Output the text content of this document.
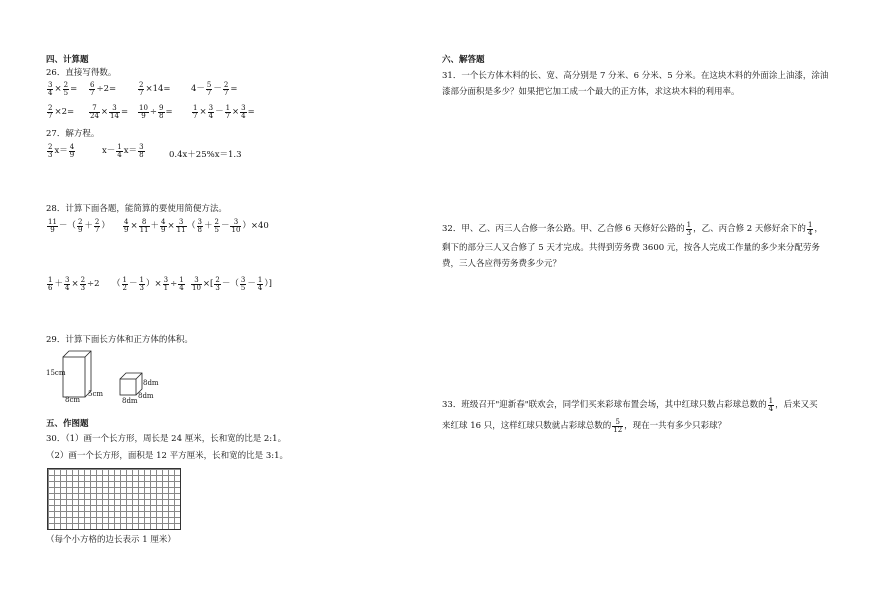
四、计算题
26．直接写得数。
$\frac{3}{4} \times \frac{2}{5} = \frac{6}{7} \div 2=$	$\frac{2}{7} \times 14= 4- \frac{5}{7} - \frac{2}{7}$ =
$\frac{2}{7} \times 2= \frac{7}{24} \times \frac{3}{14} = \frac{10}{9} \div \frac{9}{8}$ =	$\frac{1}{7} \times \frac{3}{4} - \frac{1}{7} \times \frac{3}{4}$ =
27．解方程。
$\frac{2}{3} x= \frac{4}{9}$	$x- \frac{1}{4} x= \frac{3}{8}$	0.4x＋25%x＝1.3
28．计算下面各题，能简算的要使用简便方法。
$\frac{11}{9}$ －（ $\frac{2}{9} + \frac{2}{7}$ ） $\frac{4}{9} \times \frac{8}{11} + \frac{4}{9} \times \frac{3}{11}$ （ $\frac{3}{8} + \frac{2}{5} - \frac{3}{10} )\times 40$
$\frac{1}{6} + \frac{3}{4} \times \frac{2}{3} \div 2$ （ $\frac{1}{2} - \frac{1}{3}$ ）× $\frac{3}{1} \div \frac{1}{4} \frac{3}{10}$ ×[ $\frac{2}{3}$ －（ $\frac{3}{5} - \frac{1}{4}$ ）]
29．计算下面长方体和正方体的体积。
15cm
8cm
5cm
8dm
8dm
8dm
五、作图题
30．（1）画一个长方形，周长是 24 厘米，长和宽的比是 2:1。
（2）画一个长方形，面积是 12 平方厘米，长和宽的比是 3:1。
（每个小方格的边长表示 1 厘米）
六、解答题

31．一个长方体木料的长、宽、高分别是 7 分米、6 分米、5 分米。在这块木料的外面涂上油漆，涂油漆部分面积是多少？如果把它加工成一个最大的正方体，求这块木料的利用率。

32．甲、乙、丙三人合修一条公路。甲、乙合修 6 天修好公路的 $\frac{1}{3}$ ，乙、丙合修 2 天修好余下的 $\frac{1}{4}$ ，

剩下的部分三人又合修了 5 天才完成。共得到劳务费 3600 元，按各人完成工作量的多少来分配劳务费，三人各应得劳务费多少元？

33．班级召开"迎新春"联欢会，同学们买来彩球布置会场，其中红球只数占彩球总数的 $\frac{1}{4}$ ，后来又买
来红球 16 只，这样红球只数就占彩球总数的 $\frac{5}{12}$ ，现在一共有多少只彩球？
